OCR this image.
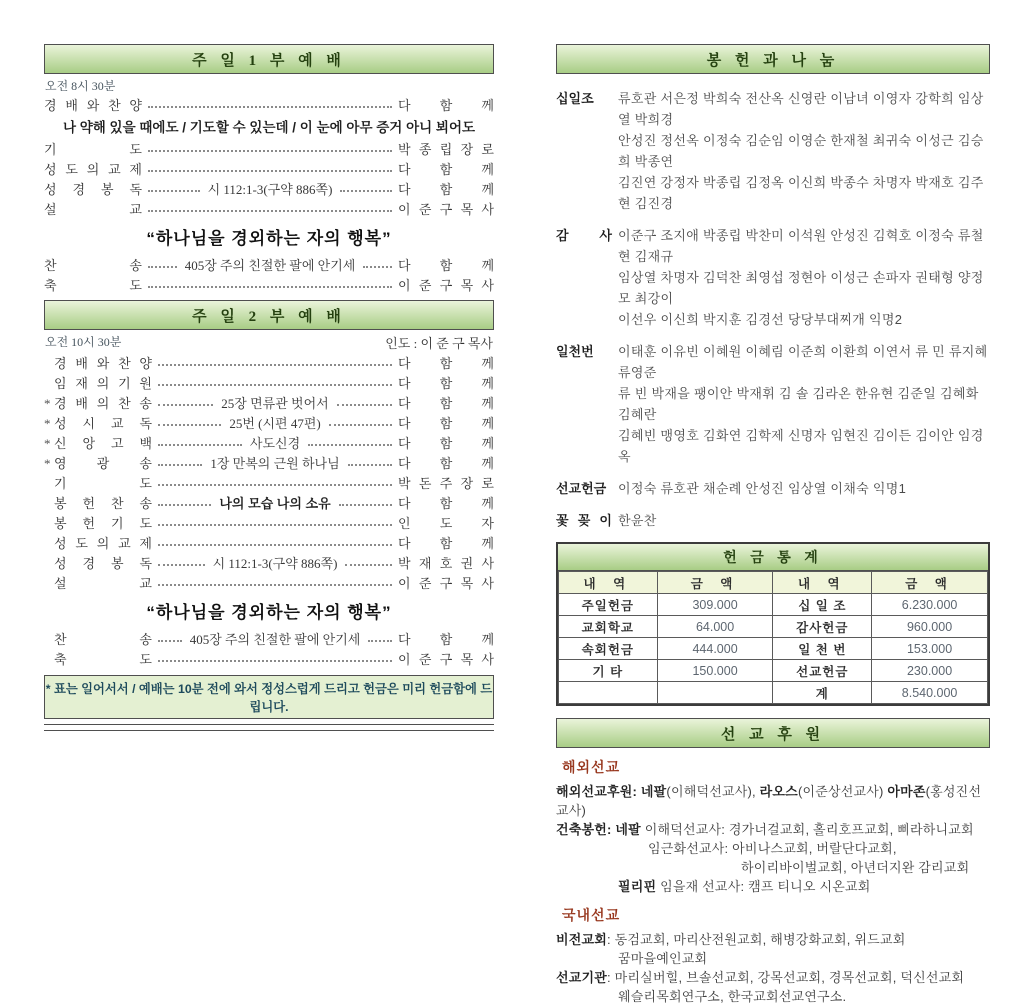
주 일 1 부 예 배
오전 8시 30분
경 배 와 찬 양	다 함 께
나 약해 있을 때에도 / 기도할 수 있는데 / 이 눈에 아무 증거 아니 뵈어도
기 도	박 종 립 장 로
성 도 의 교 제	다 함 께
성 경 봉 독	시 112:1-3(구약 886쪽)	다 함 께
설 교	이 준 구 목 사
“하나님을 경외하는 자의 행복”
찬 송	405장 주의 친절한 팔에 안기세	다 함 께
축 도	이 준 구 목 사
주 일 2 부 예 배
오전 10시 30분	인도 : 이 준 구 목사
경 배 와 찬 양	다 함 께
임 재 의 기 원	다 함 께
* 경 배 의 찬 송	25장 면류관 벗어서	다 함 께
* 성 시 교 독	25번 (시편 47편)	다 함 께
* 신 앙 고 백	사도신경	다 함 께
* 영 광 송	1장 만복의 근원 하나님	다 함 께
기 도	박 돈 주 장 로
봉 헌 찬 송	나의 모습 나의 소유	다 함 께
봉 헌 기 도	인 도 자
성 도 의 교 제	다 함 께
성 경 봉 독	시 112:1-3(구약 886쪽)	박 재 호 권 사
설 교	이 준 구 목 사
“하나님을 경외하는 자의 행복”
찬 송	405장 주의 친절한 팔에 안기세	다 함 께
축 도	이 준 구 목 사
* 표는 일어서서 / 예배는 10분 전에 와서 정성스럽게 드리고 헌금은 미리 헌금함에 드립니다.
봉 헌 과 나 눔
십일조	류호관 서은정 박희숙 전산옥 신영란 이남녀 이영자 강학희 임상열 박희경
안성진 정선옥 이정숙 김순임 이영순 한재철 최귀숙 이성근 김승희 박종연
김진연 강정자 박종립 김정옥 이신희 박종수 차명자 박재호 김주현 김진경
감 사 이준구 조지애 박종립 박찬미 이석원 안성진 김혁호 이정숙 류철현 김재규
임상열 차명자 김덕찬 최영섭 정현아 이성근 손파자 권태형 양정모 최강이
이선우 이신희 박지훈 김경선 당당부대찌개 익명2
일천번	이태훈 이유빈 이혜원 이혜림 이준희 이환희 이연서 류 민 류지혜 류영준
류 빈 박재을 팽이안 박재휘 김 솔 김라온 한유현 김준일 김혜화 김혜란
김혜빈 맹영호 김화연 김학제 신명자 임현진 김이든 김이안 임경옥
선교헌금 이정숙 류호관 채순례 안성진 임상열 이채숙 익명1
꽃 꽂 이 한윤찬
헌 금 통 계
내 역	금 액	내 역	금 액
주일헌금	309.000	십 일 조	6.230.000
교회학교	64.000	감사헌금	960.000
속회헌금	444.000	일 천 번	153.000
기 타	150.000	선교헌금	230.000
		계	8.540.000
선 교 후 원
해외선교
해외선교후원: 네팔(이해덕선교사), 라오스(이준상선교사) 아마존(홍성진선교사)
건축봉헌: 네팔 이해덕선교사: 경가너걸교회, 홀리호프교회, 삐라하니교회
임근화선교사: 아비나스교회, 버랄단다교회,
하이리바이벌교회, 아년더지완 감리교회
필리핀 임을재 선교사: 캠프 티니오 시온교회
국내선교
비전교회: 동검교회, 마리산전원교회, 해병강화교회, 위드교회
꿈마을예인교회
선교기관: 마리실버힐, 브솔선교회, 강목선교회, 경목선교회, 덕신선교회
웨슬리목회연구소, 한국교회선교연구소.
